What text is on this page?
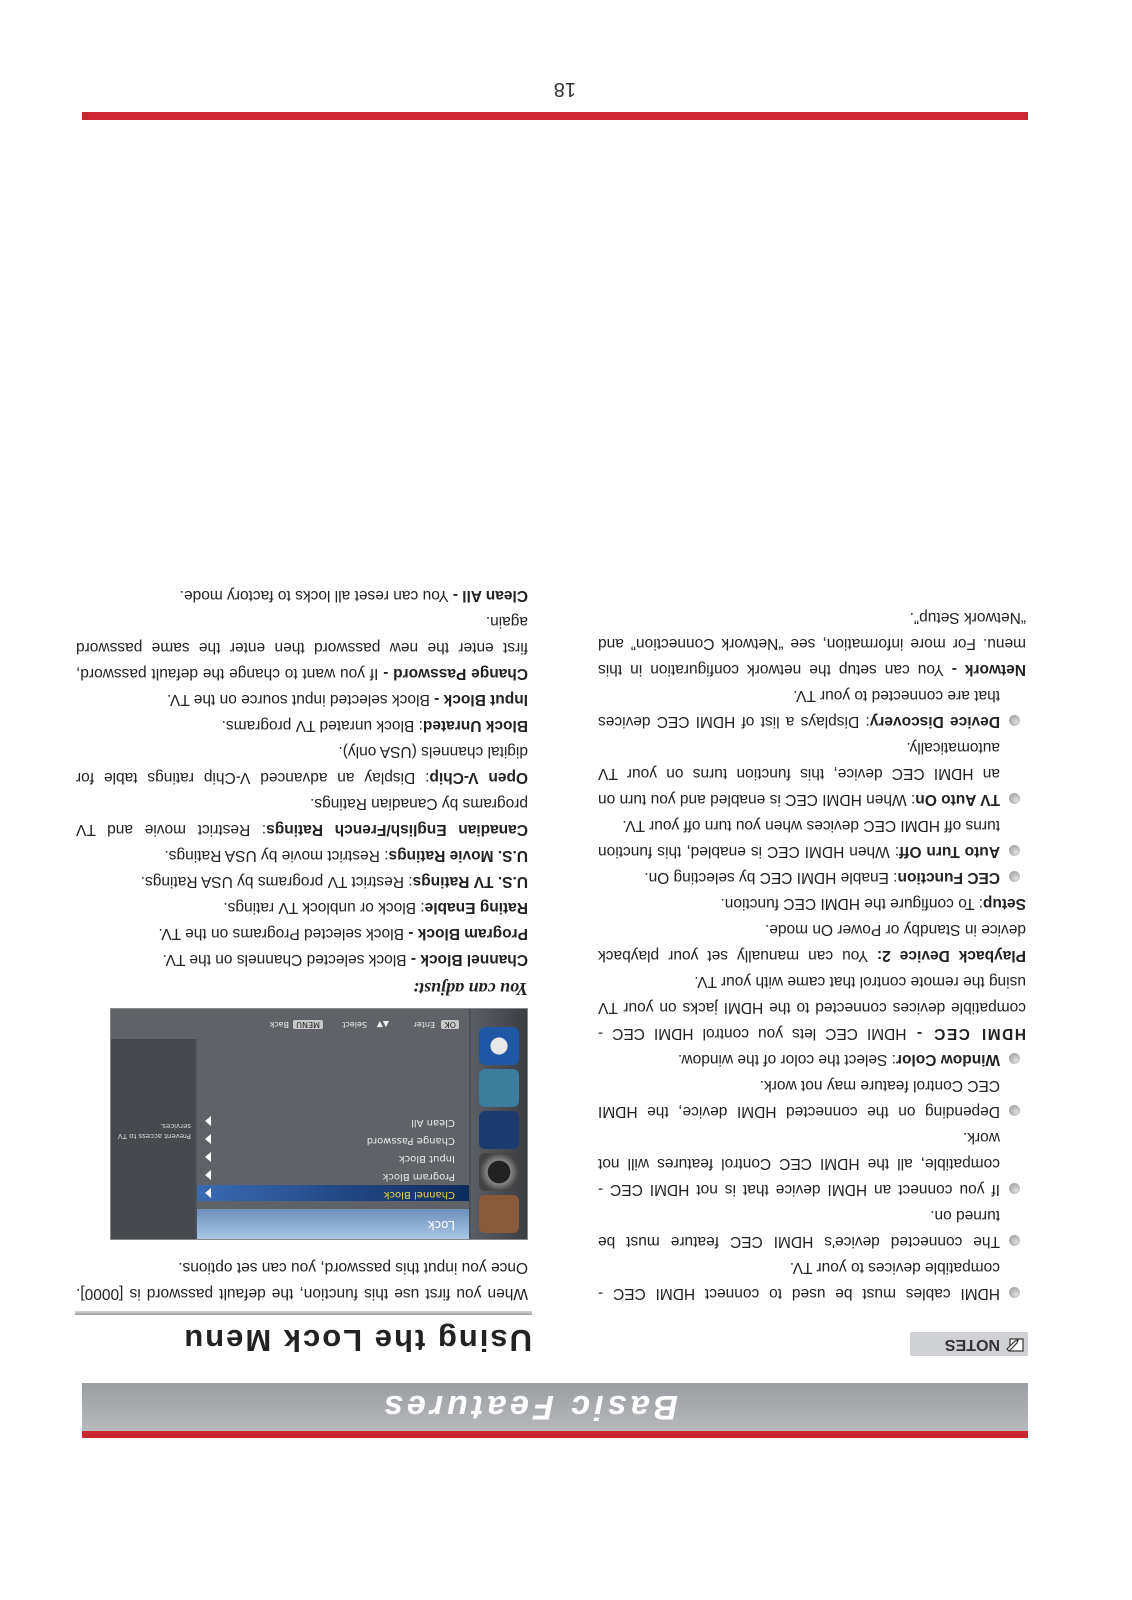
Basic Features
NOTES
Using the Lock Menu

HDMI cables must be used to connect HDMI CEC - compatible devices to your TV.

The connected device's HDMI CEC feature must be turned on.

If you connect an HDMI device that is not HDMI CEC - compatible, all the HDMI CEC Control features will not work.

Depending on the connected HDMI device, the HDMI CEC Control feature may not work.

Window Color: Select the color of the window.

HDMI CEC - HDMI CEC lets you control HDMI CEC - compatible devices connected to the HDMI jacks on your TV using the remote control that came with your TV.

Playback Device 2: You can manually set your playback device in Standby or Power On mode.

Setup: To configure the HDMI CEC function.

CEC Function: Enable HDMI CEC by selecting On.

Auto Turn Off: When HDMI CEC is enabled, this function turns off HDMI CEC devices when you turn off your TV.

TV Auto On: When HDMI CEC is enabled and you turn on an HDMI CEC device, this function turns on your TV automatically.

Device Discovery: Displays a list of HDMI CEC devices that are connected to your TV.

Network - You can setup the network configuration in this menu. For more information, see “Network Connection” and “Network Setup”.

When you first use this function, the default password is [0000]. Once you input this password, you can set options.

Lock
Channel Block
Program Block
Input Block
Change Password
Clean All
Prevent access to TV services.
OK
Enter
▲▼
Select
MENU
Back

You can adjust:

Channel Block - Block selected Channels on the TV.

Program Block - Block selected Programs on the TV.

Rating Enable: Block or unblock TV ratings.

U.S. TV Ratings: Restrict TV programs by USA Ratings.

U.S. Movie Ratings: Restrict movie by USA Ratings.

Canadian English/French Ratings: Restrict movie and TV programs by Canadian Ratings.

Open V-Chip: Display an advanced V-Chip ratings table for digital channels (USA only).

Block Unrated: Block unrated TV programs.

Input Block - Block selected input source on the TV.

Change Password - If you want to change the default password, first enter the new password then enter the same password again.

Clean All - You can reset all locks to factory mode.

18
